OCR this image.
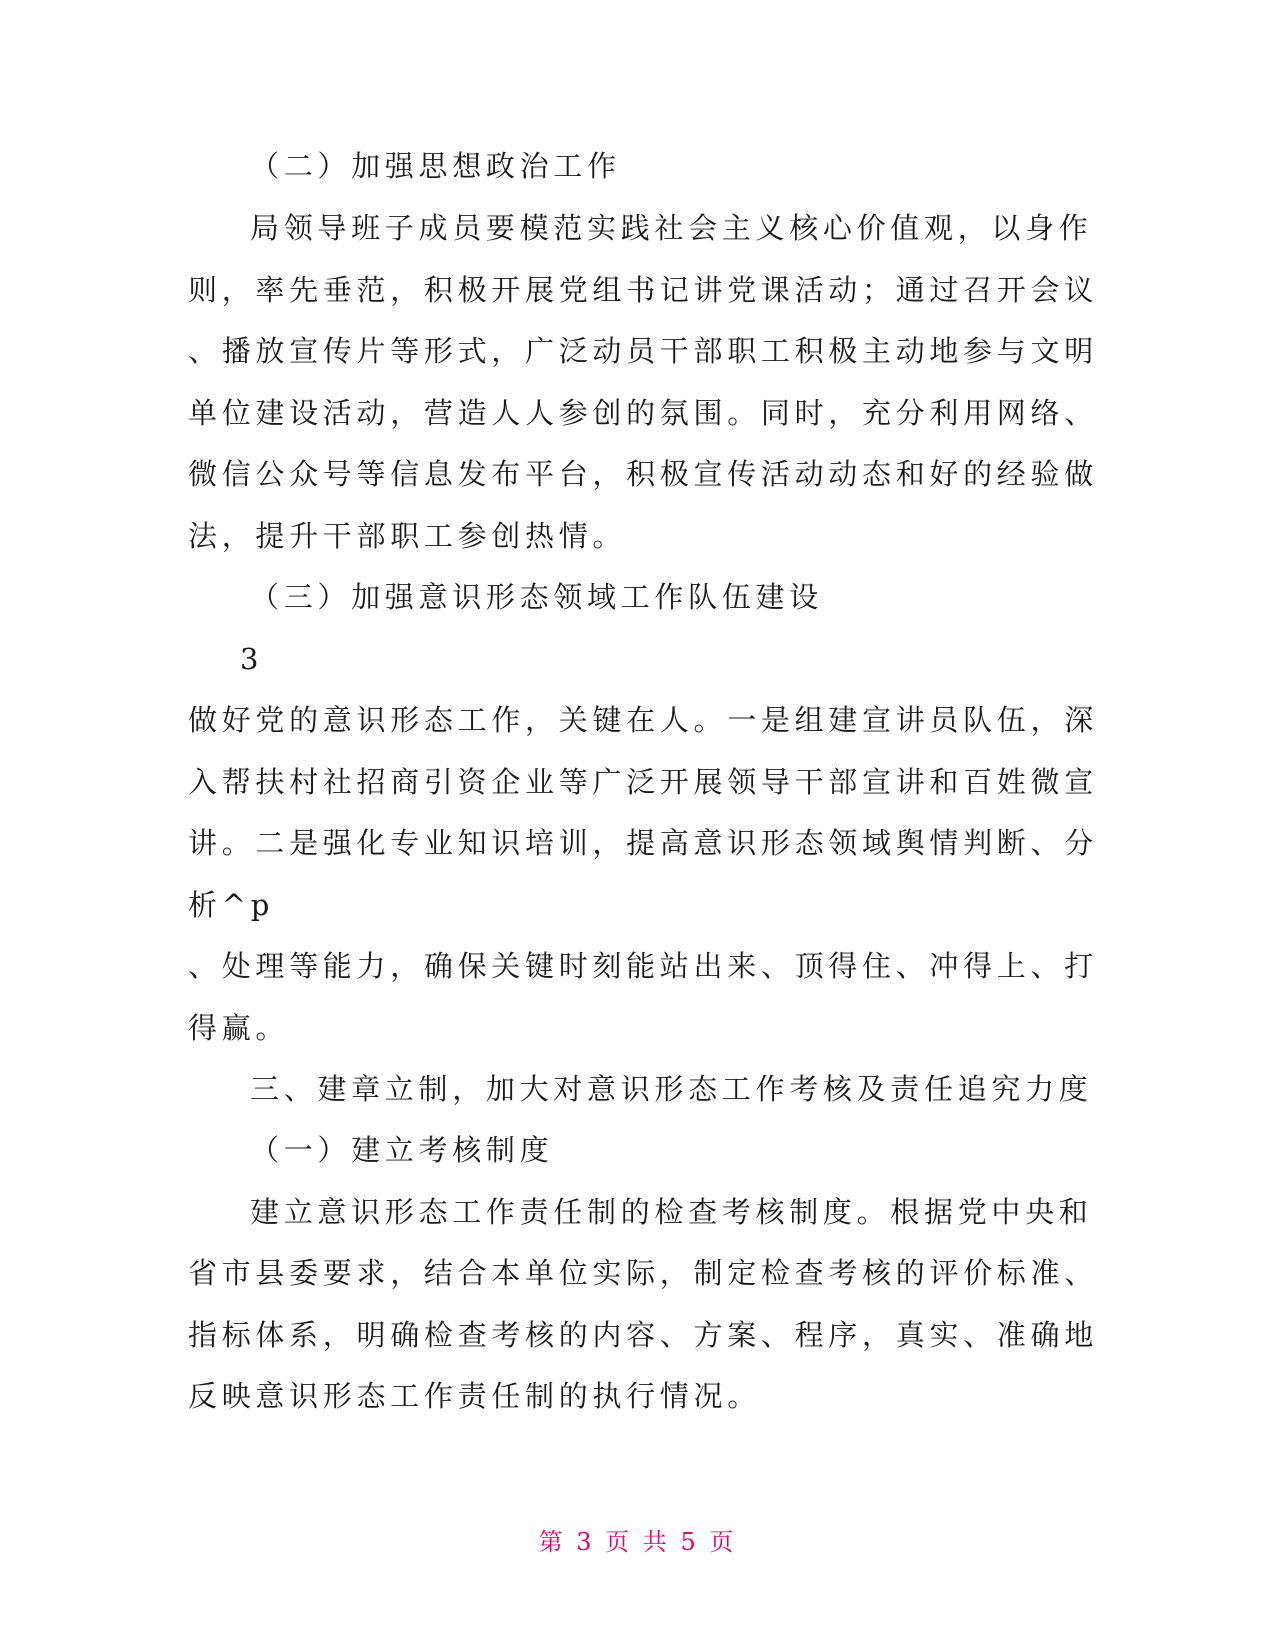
（二）加强思想政治工作
局领导班子成员要模范实践社会主义核心价值观，以身作
则，率先垂范，积极开展党组书记讲党课活动；通过召开会议
、播放宣传片等形式，广泛动员干部职工积极主动地参与文明
单位建设活动，营造人人参创的氛围。同时，充分利用网络、
微信公众号等信息发布平台，积极宣传活动动态和好的经验做
法，提升干部职工参创热情。
（三）加强意识形态领域工作队伍建设
3
做好党的意识形态工作，关键在人。一是组建宣讲员队伍，深
入帮扶村社招商引资企业等广泛开展领导干部宣讲和百姓微宣
讲。二是强化专业知识培训，提高意识形态领域舆情判断、分
析^p
、处理等能力，确保关键时刻能站出来、顶得住、冲得上、打
得赢。
三、建章立制，加大对意识形态工作考核及责任追究力度
（一）建立考核制度
建立意识形态工作责任制的检查考核制度。根据党中央和
省市县委要求，结合本单位实际，制定检查考核的评价标准、
指标体系，明确检查考核的内容、方案、程序，真实、准确地
反映意识形态工作责任制的执行情况。
第 3 页 共 5 页
